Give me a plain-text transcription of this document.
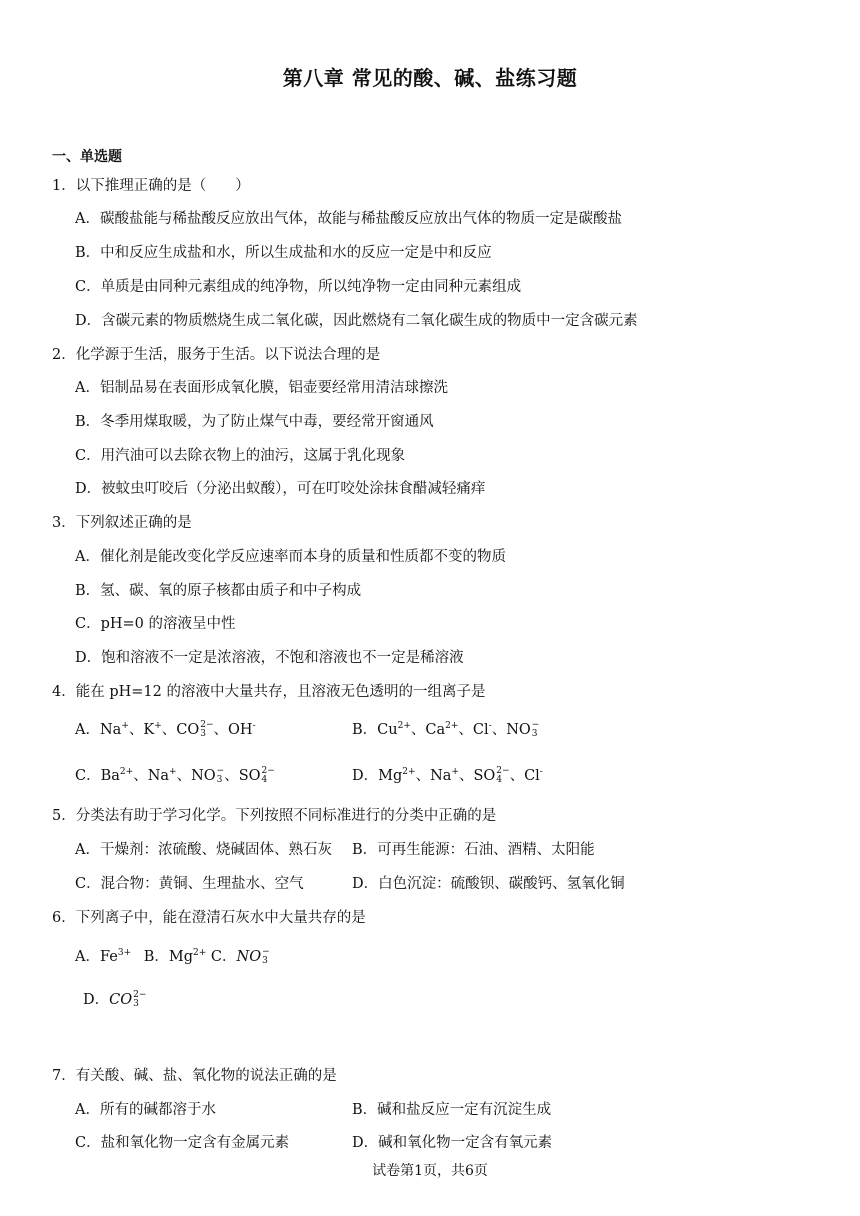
第八章 常见的酸、碱、盐练习题
一、单选题
1．以下推理正确的是（　　）
A．碳酸盐能与稀盐酸反应放出气体，故能与稀盐酸反应放出气体的物质一定是碳酸盐
B．中和反应生成盐和水，所以生成盐和水的反应一定是中和反应
C．单质是由同种元素组成的纯净物，所以纯净物一定由同种元素组成
D．含碳元素的物质燃烧生成二氧化碳，因此燃烧有二氧化碳生成的物质中一定含碳元素
2．化学源于生活，服务于生活。以下说法合理的是
A．铝制品易在表面形成氧化膜，铝壶要经常用清洁球擦洗
B．冬季用煤取暖，为了防止煤气中毒，要经常开窗通风
C．用汽油可以去除衣物上的油污，这属于乳化现象
D．被蚊虫叮咬后（分泌出蚁酸），可在叮咬处涂抹食醋减轻痛痒
3．下列叙述正确的是
A．催化剂是能改变化学反应速率而本身的质量和性质都不变的物质
B．氢、碳、氧的原子核都由质子和中子构成
C．pH=0 的溶液呈中性
D．饱和溶液不一定是浓溶液，不饱和溶液也不一定是稀溶液
4．能在 pH=12 的溶液中大量共存，且溶液无色透明的一组离子是
A．Na+、K+、CO 2−
3 、OH-	B．$Cu^{2+}$、$Ca^{2+}$、Cl-、NO −
3
C．$Ba^{2+}$、Na+、NO −
3 、SO 2−
4	D．$Mg^{2+}$、Na+、SO 2−
4 、Cl-
5．分类法有助于学习化学。下列按照不同标准进行的分类中正确的是
A．干燥剂：浓硫酸、烧碱固体、熟石灰 B．可再生能源：石油、酒精、太阳能
C．混合物：黄铜、生理盐水、空气	D．白色沉淀：硫酸钡、碳酸钙、氢氧化铜
6．下列离子中，能在澄清石灰水中大量共存的是
A．$Fe^{3+}$ B．$Mg^{2+}$ C．NO −
3
D．CO 2−
3
7．有关酸、碱、盐、氧化物的说法正确的是
A．所有的碱都溶于水	B．碱和盐反应一定有沉淀生成
C．盐和氧化物一定含有金属元素	D．碱和氧化物一定含有氧元素
试卷第1页，共6页
